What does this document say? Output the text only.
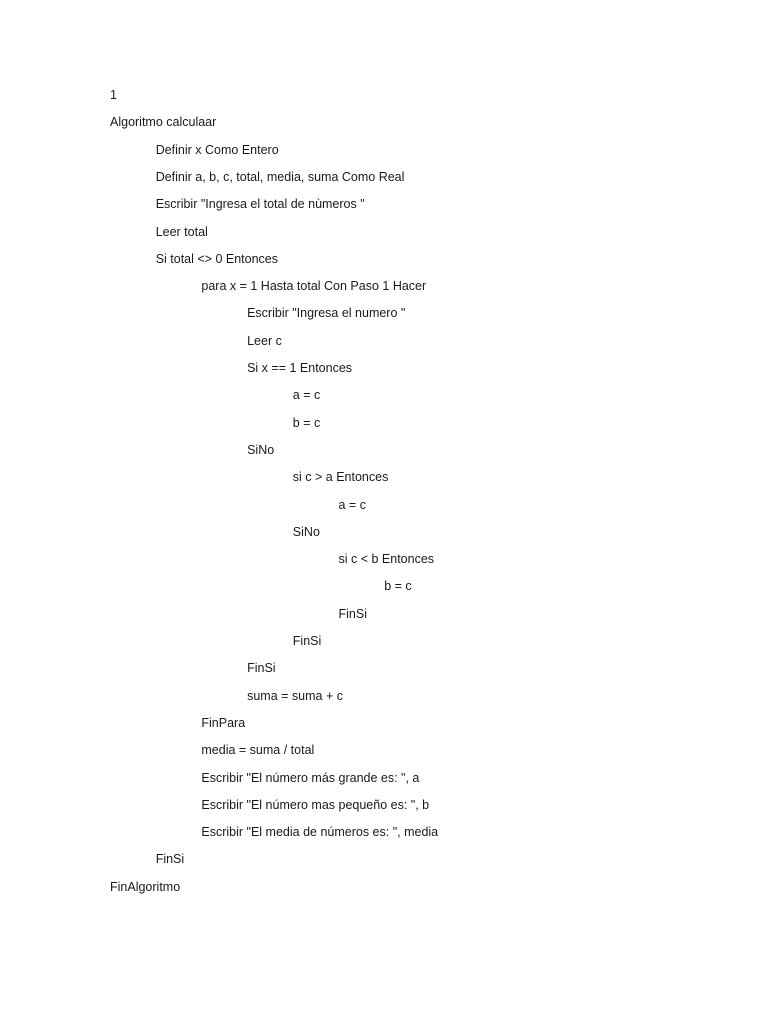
1
Algoritmo calculaar
Definir x Como Entero
Definir a, b, c, total, media, suma Como Real
Escribir "Ingresa el total de nùmeros "
Leer total
Si total <> 0 Entonces
para x = 1 Hasta total Con Paso 1 Hacer
Escribir "Ingresa el numero "
Leer c
Si x == 1 Entonces
a = c
b = c
SiNo
si c > a Entonces
a = c
SiNo
si c < b Entonces
b = c
FinSi
FinSi
FinSi
suma = suma + c
FinPara
media = suma / total
Escribir "El número más grande es: ", a
Escribir "El número mas pequeño es: ", b
Escribir "El media de números es: ", media
FinSi
FinAlgoritmo
